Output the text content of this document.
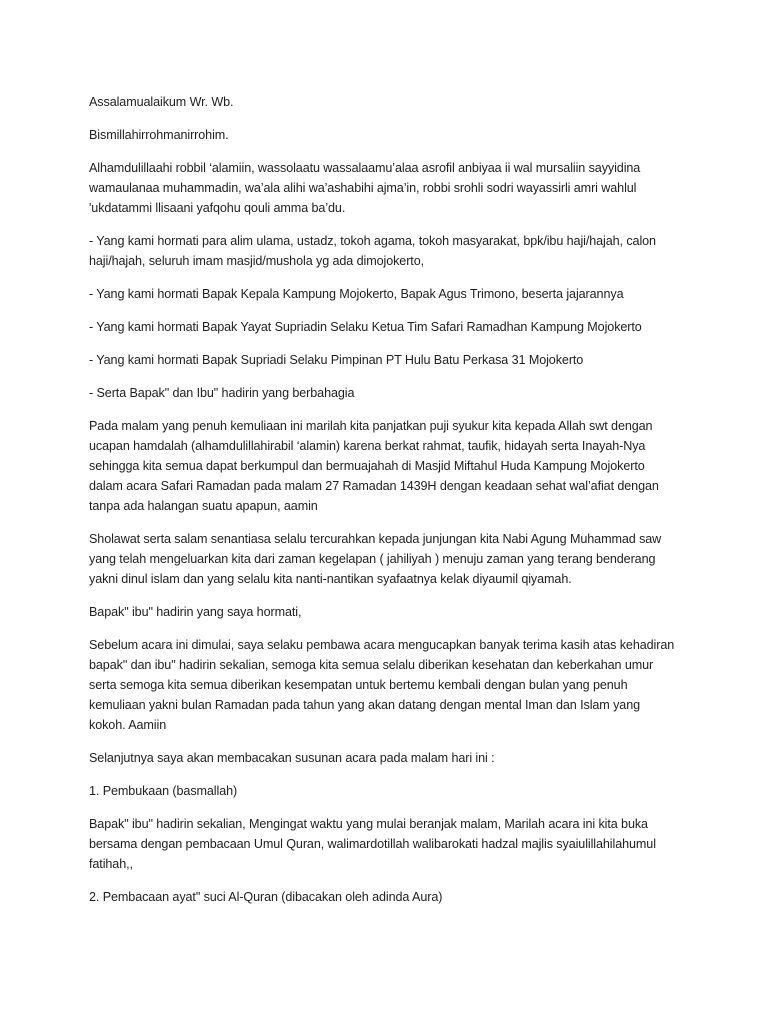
Assalamualaikum Wr. Wb.

Bismillahirrohmanirrohim.

Alhamdulillaahi robbil ‘alamiin, wassolaatu wassalaamu’alaa asrofil anbiyaa ii wal mursaliin sayyidina
wamaulanaa muhammadin, wa’ala alihi wa’ashabihi ajma’in, robbi srohli sodri wayassirli amri wahlul
'ukdatammi llisaani yafqohu qouli amma ba’du.

- Yang kami hormati para alim ulama, ustadz, tokoh agama, tokoh masyarakat, bpk/ibu haji/hajah, calon
haji/hajah, seluruh imam masjid/mushola yg ada dimojokerto,

- Yang kami hormati Bapak Kepala Kampung Mojokerto, Bapak Agus Trimono, beserta jajarannya

- Yang kami hormati Bapak Yayat Supriadin Selaku Ketua Tim Safari Ramadhan Kampung Mojokerto

- Yang kami hormati Bapak Supriadi Selaku Pimpinan PT Hulu Batu Perkasa 31 Mojokerto

- Serta Bapak" dan Ibu" hadirin yang berbahagia

Pada malam yang penuh kemuliaan ini marilah kita panjatkan puji syukur kita kepada Allah swt dengan
ucapan hamdalah (alhamdulillahirabil ‘alamin) karena berkat rahmat, taufik, hidayah serta Inayah-Nya
sehingga kita semua dapat berkumpul dan bermuajahah di Masjid Miftahul Huda Kampung Mojokerto
dalam acara Safari Ramadan pada malam 27 Ramadan 1439H dengan keadaan sehat wal’afiat dengan
tanpa ada halangan suatu apapun, aamin

Sholawat serta salam senantiasa selalu tercurahkan kepada junjungan kita Nabi Agung Muhammad saw
yang telah mengeluarkan kita dari zaman kegelapan ( jahiliyah ) menuju zaman yang terang benderang
yakni dinul islam dan yang selalu kita nanti-nantikan syafaatnya kelak diyaumil qiyamah.

Bapak" ibu" hadirin yang saya hormati,

Sebelum acara ini dimulai, saya selaku pembawa acara mengucapkan banyak terima kasih atas kehadiran
bapak" dan ibu" hadirin sekalian, semoga kita semua selalu diberikan kesehatan dan keberkahan umur
serta semoga kita semua diberikan kesempatan untuk bertemu kembali dengan bulan yang penuh
kemuliaan yakni bulan Ramadan pada tahun yang akan datang dengan mental Iman dan Islam yang
kokoh. Aamiin

Selanjutnya saya akan membacakan susunan acara pada malam hari ini :

1. Pembukaan (basmallah)

Bapak" ibu" hadirin sekalian, Mengingat waktu yang mulai beranjak malam, Marilah acara ini kita buka
bersama dengan pembacaan Umul Quran, walimardotillah walibarokati hadzal majlis syaiulillahilahumul
fatihah,,

2. Pembacaan ayat" suci Al-Quran (dibacakan oleh adinda Aura)
